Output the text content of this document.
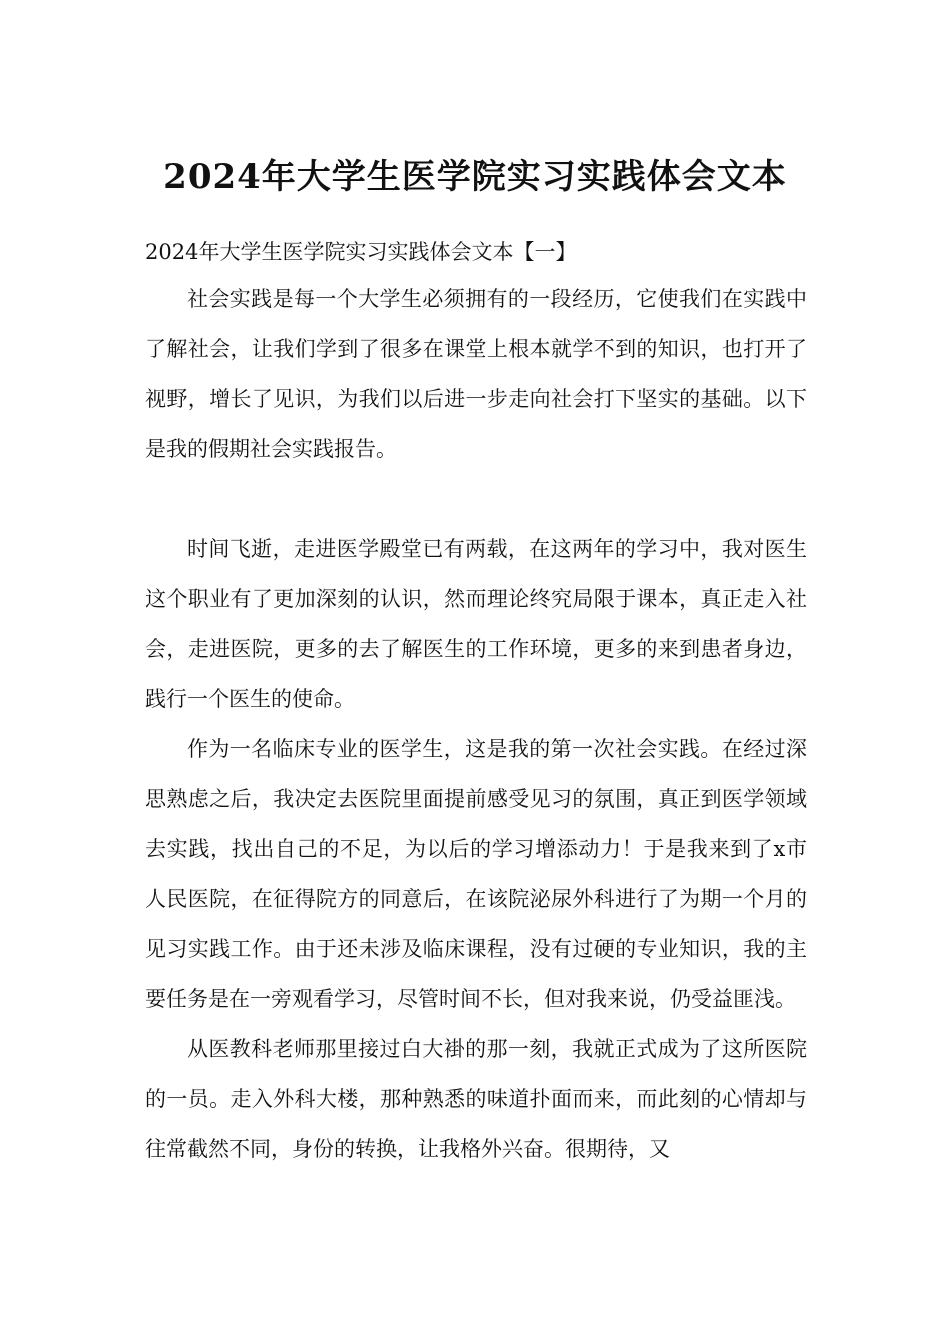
2024年大学生医学院实习实践体会文本

2024年大学生医学院实习实践体会文本【一】

社会实践是每一个大学生必须拥有的一段经历，它使我们在实践中了解社会，让我们学到了很多在课堂上根本就学不到的知识，也打开了视野，增长了见识，为我们以后进一步走向社会打下坚实的基础。以下是我的假期社会实践报告。

时间飞逝，走进医学殿堂已有两载，在这两年的学习中，我对医生这个职业有了更加深刻的认识，然而理论终究局限于课本，真正走入社会，走进医院，更多的去了解医生的工作环境，更多的来到患者身边，践行一个医生的使命。

作为一名临床专业的医学生，这是我的第一次社会实践。在经过深思熟虑之后，我决定去医院里面提前感受见习的氛围，真正到医学领域去实践，找出自己的不足，为以后的学习增添动力！于是我来到了x市人民医院，在征得院方的同意后，在该院泌尿外科进行了为期一个月的见习实践工作。由于还未涉及临床课程，没有过硬的专业知识，我的主要任务是在一旁观看学习，尽管时间不长，但对我来说，仍受益匪浅。

从医教科老师那里接过白大褂的那一刻，我就正式成为了这所医院的一员。走入外科大楼，那种熟悉的味道扑面而来，而此刻的心情却与往常截然不同，身份的转换，让我格外兴奋。很期待，又
